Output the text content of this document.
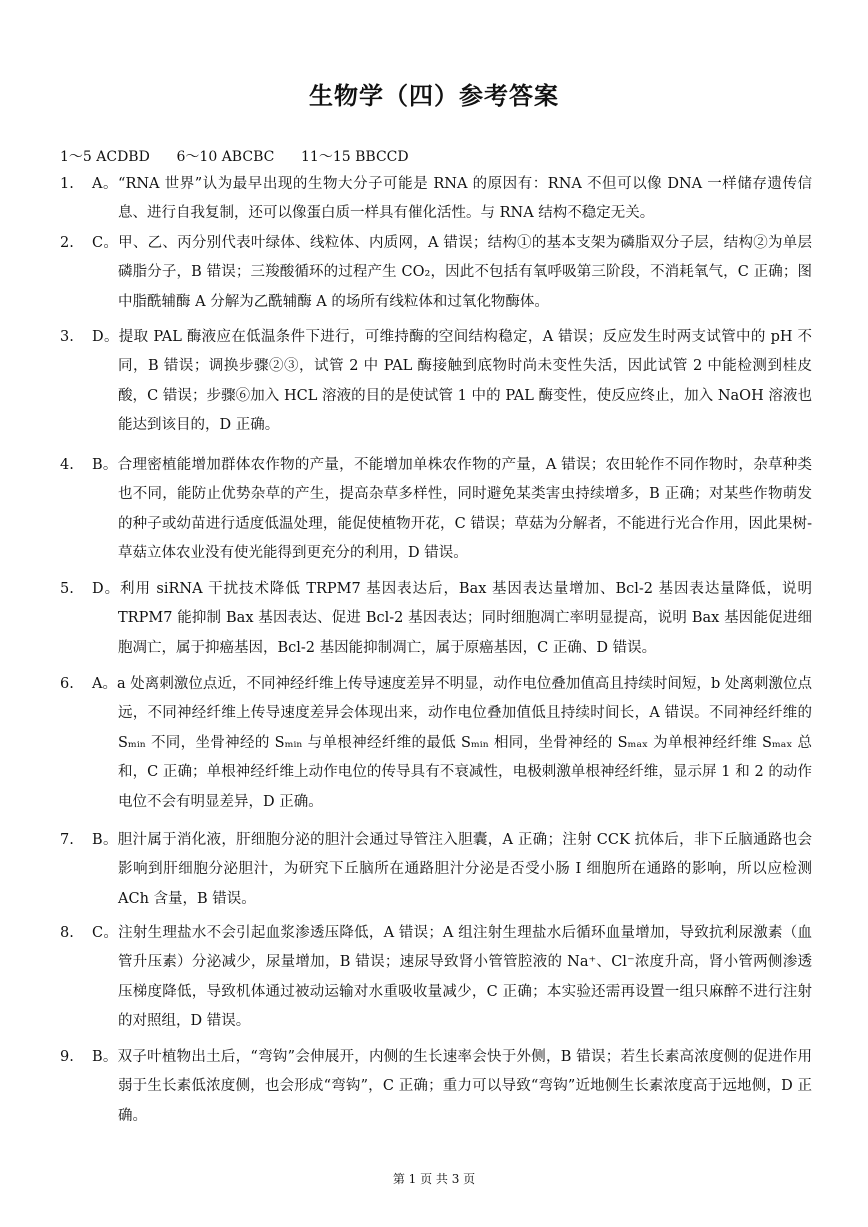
生物学（四）参考答案
1～5 ACDBD      6～10 ABCBC      11～15 BBCCD
A。“RNA 世界”认为最早出现的生物大分子可能是 RNA 的原因有：RNA 不但可以像 DNA 一样储存遗传信息、进行自我复制，还可以像蛋白质一样具有催化活性。与 RNA 结构不稳定无关。
1.
C。甲、乙、丙分别代表叶绿体、线粒体、内质网，A 错误；结构①的基本支架为磷脂双分子层，结构②为单层磷脂分子，B 错误；三羧酸循环的过程产生 CO₂，因此不包括有氧呼吸第三阶段，不消耗氧气，C 正确；图中脂酰辅酶 A 分解为乙酰辅酶 A 的场所有线粒体和过氧化物酶体。
2.
D。提取 PAL 酶液应在低温条件下进行，可维持酶的空间结构稳定，A 错误；反应发生时两支试管中的 pH 不同，B 错误；调换步骤②③，试管 2 中 PAL 酶接触到底物时尚未变性失活，因此试管 2 中能检测到桂皮酸，C 错误；步骤⑥加入 HCL 溶液的目的是使试管 1 中的 PAL 酶变性，使反应终止，加入 NaOH 溶液也能达到该目的，D 正确。
3.
B。合理密植能增加群体农作物的产量，不能增加单株农作物的产量，A 错误；农田轮作不同作物时，杂草种类也不同，能防止优势杂草的产生，提高杂草多样性，同时避免某类害虫持续增多，B 正确；对某些作物萌发的种子或幼苗进行适度低温处理，能促使植物开花，C 错误；草菇为分解者，不能进行光合作用，因此果树-草菇立体农业没有使光能得到更充分的利用，D 错误。
4.
D。利用 siRNA 干扰技术降低 TRPM7 基因表达后，Bax 基因表达量增加、Bcl-2 基因表达量降低，说明 TRPM7 能抑制 Bax 基因表达、促进 Bcl-2 基因表达；同时细胞凋亡率明显提高，说明 Bax 基因能促进细胞凋亡，属于抑癌基因，Bcl-2 基因能抑制凋亡，属于原癌基因，C 正确、D 错误。
5.
A。a 处离刺激位点近，不同神经纤维上传导速度差异不明显，动作电位叠加值高且持续时间短，b 处离刺激位点远，不同神经纤维上传导速度差异会体现出来，动作电位叠加值低且持续时间长，A 错误。不同神经纤维的 Sₘᵢₙ 不同，坐骨神经的 Sₘᵢₙ 与单根神经纤维的最低 Sₘᵢₙ 相同，坐骨神经的 Sₘₐₓ 为单根神经纤维 Sₘₐₓ 总和，C 正确；单根神经纤维上动作电位的传导具有不衰减性，电极刺激单根神经纤维，显示屏 1 和 2 的动作电位不会有明显差异，D 正确。
6.
B。胆汁属于消化液，肝细胞分泌的胆汁会通过导管注入胆囊，A 正确；注射 CCK 抗体后，非下丘脑通路也会影响到肝细胞分泌胆汁，为研究下丘脑所在通路胆汁分泌是否受小肠 I 细胞所在通路的影响，所以应检测 ACh 含量，B 错误。
7.
C。注射生理盐水不会引起血浆渗透压降低，A 错误；A 组注射生理盐水后循环血量增加，导致抗利尿激素（血管升压素）分泌减少，尿量增加，B 错误；速尿导致肾小管管腔液的 Na⁺、Cl⁻浓度升高，肾小管两侧渗透压梯度降低，导致机体通过被动运输对水重吸收量减少，C 正确；本实验还需再设置一组只麻醉不进行注射的对照组，D 错误。
8.
B。双子叶植物出土后，“弯钩”会伸展开，内侧的生长速率会快于外侧，B 错误；若生长素高浓度侧的促进作用弱于生长素低浓度侧，也会形成“弯钩”，C 正确；重力可以导致“弯钩”近地侧生长素浓度高于远地侧，D 正确。
9.
第 1 页 共 3 页
